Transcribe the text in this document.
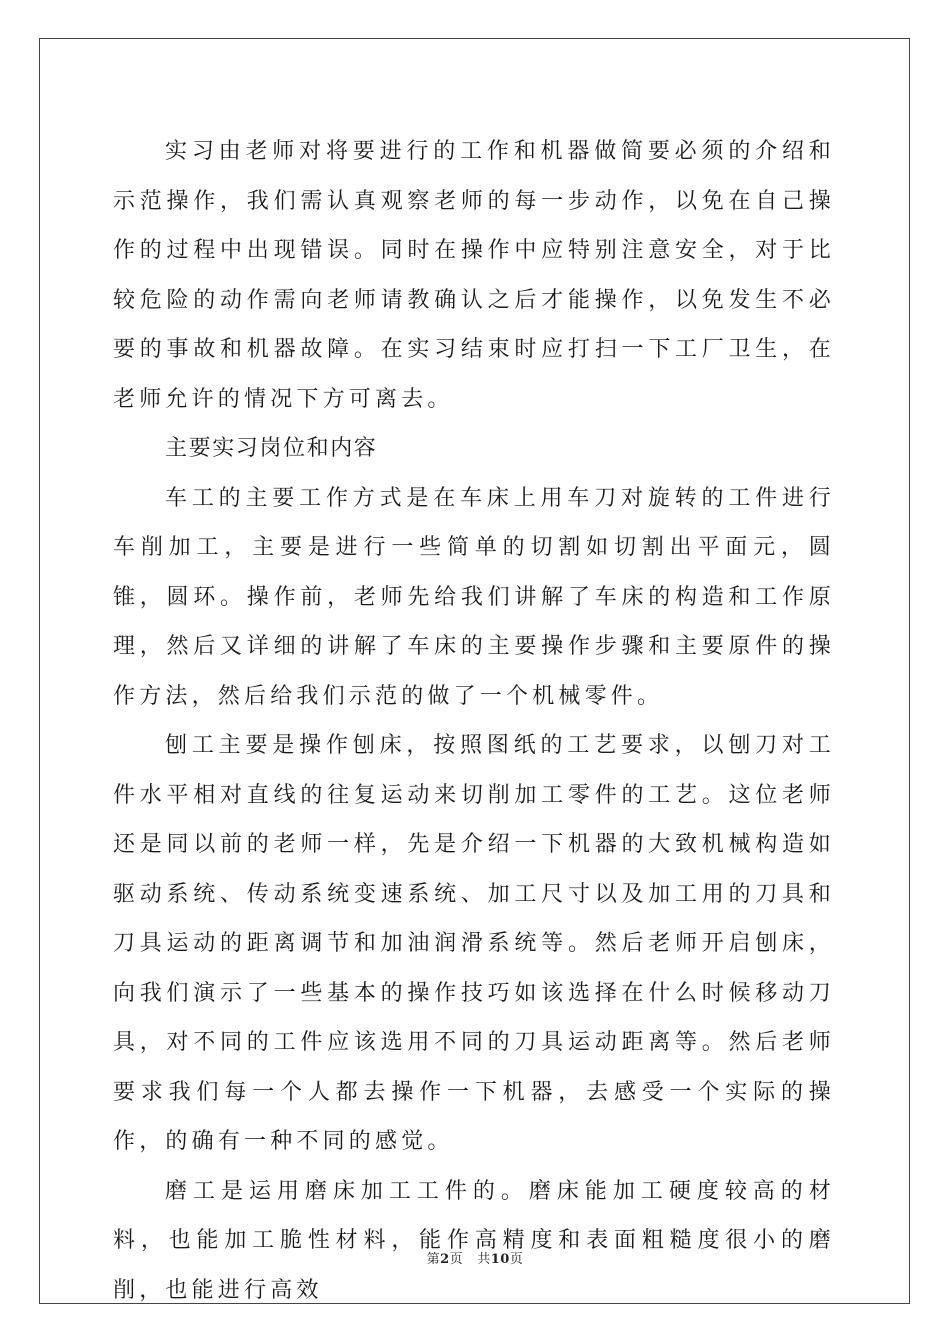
实习由老师对将要进行的工作和机器做简要必须的介绍和示范操作，我们需认真观察老师的每一步动作，以免在自己操作的过程中出现错误。同时在操作中应特别注意安全，对于比较危险的动作需向老师请教确认之后才能操作，以免发生不必要的事故和机器故障。在实习结束时应打扫一下工厂卫生，在老师允许的情况下方可离去。

主要实习岗位和内容

车工的主要工作方式是在车床上用车刀对旋转的工件进行车削加工，主要是进行一些简单的切割如切割出平面元，圆锥，圆环。操作前，老师先给我们讲解了车床的构造和工作原理，然后又详细的讲解了车床的主要操作步骤和主要原件的操作方法，然后给我们示范的做了一个机械零件。

刨工主要是操作刨床，按照图纸的工艺要求，以刨刀对工件水平相对直线的往复运动来切削加工零件的工艺。这位老师还是同以前的老师一样，先是介绍一下机器的大致机械构造如驱动系统、传动系统变速系统、加工尺寸以及加工用的刀具和刀具运动的距离调节和加油润滑系统等。然后老师开启刨床，向我们演示了一些基本的操作技巧如该选择在什么时候移动刀具，对不同的工件应该选用不同的刀具运动距离等。然后老师要求我们每一个人都去操作一下机器，去感受一个实际的操作，的确有一种不同的感觉。

磨工是运用磨床加工工件的。磨床能加工硬度较高的材料，也能加工脆性材料，能作高精度和表面粗糙度很小的磨削，也能进行高效

第2页 共10页
